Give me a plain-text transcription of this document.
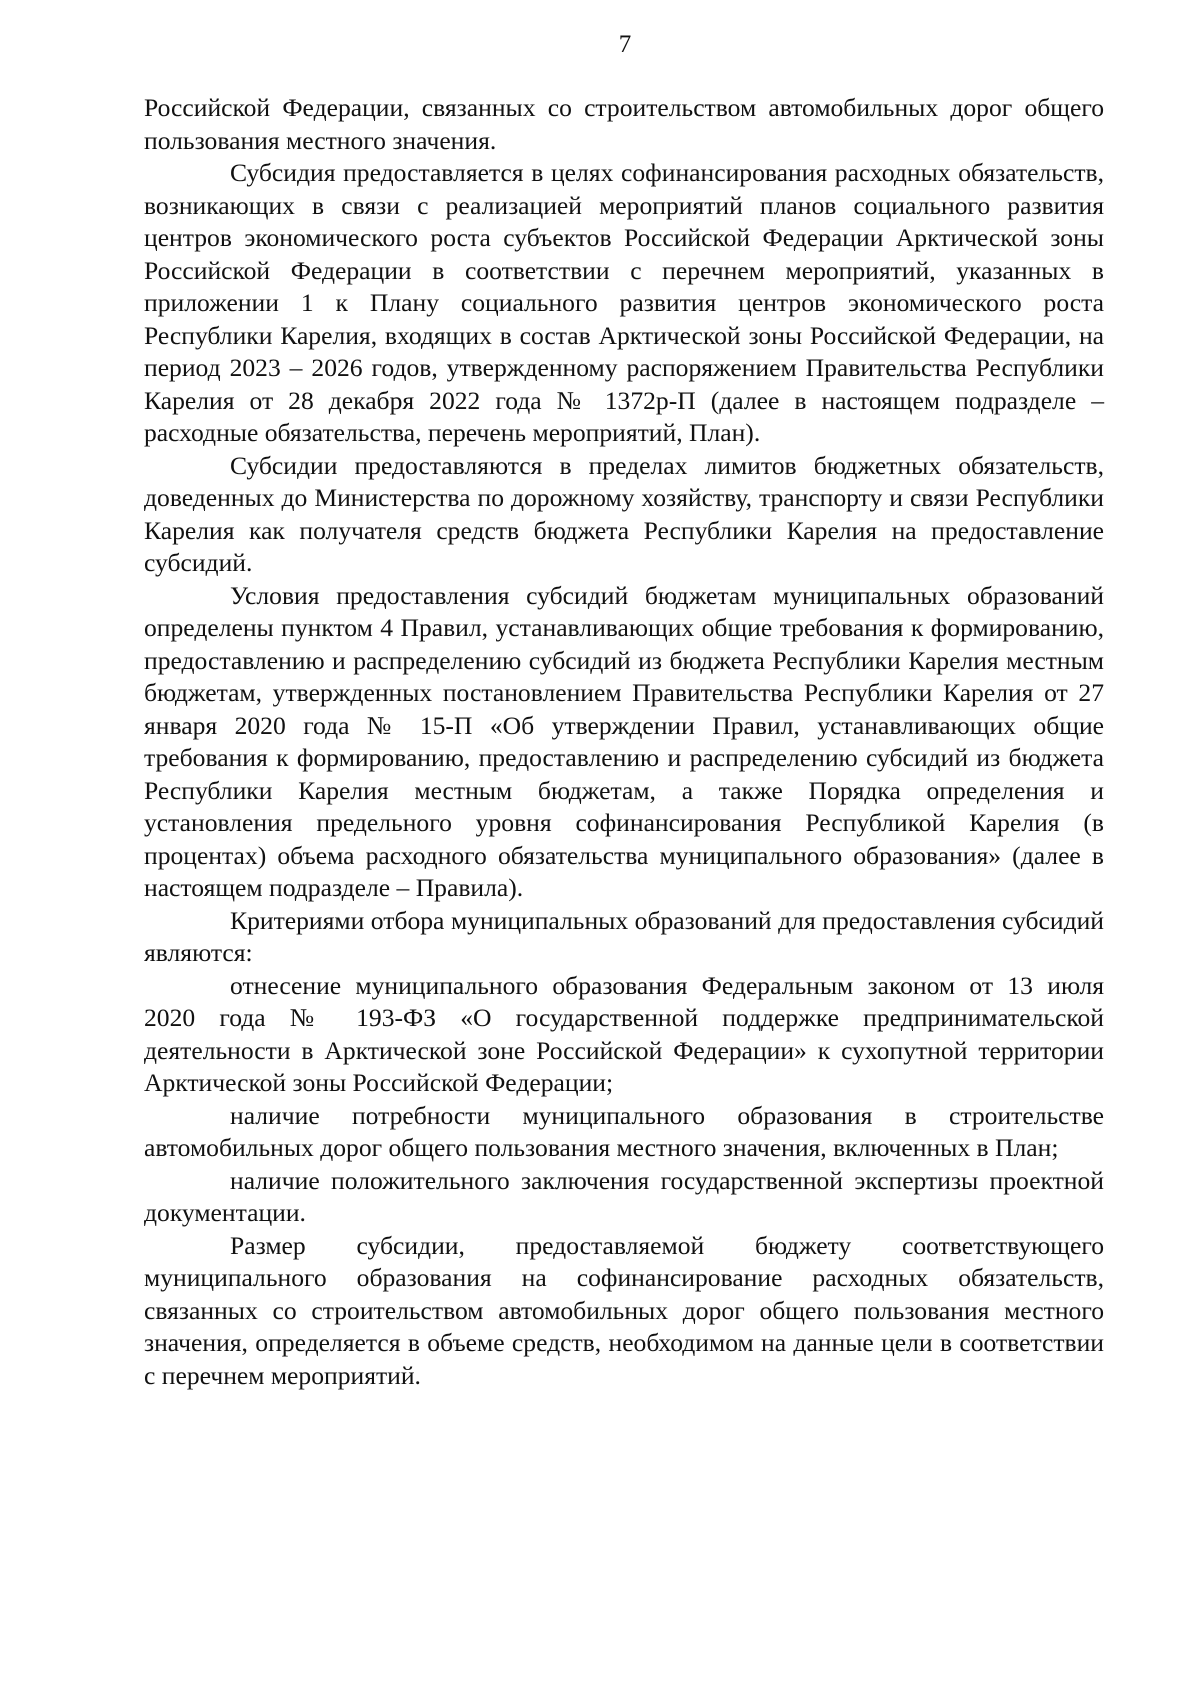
7

Российской Федерации, связанных со строительством автомобильных дорог общего пользования местного значения.

Субсидия предоставляется в целях софинансирования расходных обязательств, возникающих в связи с реализацией мероприятий планов социального развития центров экономического роста субъектов Российской Федерации Арктической зоны Российской Федерации в соответствии с перечнем мероприятий, указанных в приложении 1 к Плану социального развития центров экономического роста Республики Карелия, входящих в состав Арктической зоны Российской Федерации, на период 2023 – 2026 годов, утвержденному распоряжением Правительства Республики Карелия от 28 декабря 2022 года № 1372р-П (далее в настоящем подразделе – расходные обязательства, перечень мероприятий, План).

Субсидии предоставляются в пределах лимитов бюджетных обязательств, доведенных до Министерства по дорожному хозяйству, транспорту и связи Республики Карелия как получателя средств бюджета Республики Карелия на предоставление субсидий.

Условия предоставления субсидий бюджетам муниципальных образований определены пунктом 4 Правил, устанавливающих общие требования к формированию, предоставлению и распределению субсидий из бюджета Республики Карелия местным бюджетам, утвержденных постановлением Правительства Республики Карелия от 27 января 2020 года № 15-П «Об утверждении Правил, устанавливающих общие требования к формированию, предоставлению и распределению субсидий из бюджета Республики Карелия местным бюджетам, а также Порядка определения и установления предельного уровня софинансирования Республикой Карелия (в процентах) объема расходного обязательства муниципального образования» (далее в настоящем подразделе – Правила).

Критериями отбора муниципальных образований для предоставления субсидий являются:

отнесение муниципального образования Федеральным законом от 13 июля 2020 года № 193-ФЗ «О государственной поддержке предпринимательской деятельности в Арктической зоне Российской Федерации» к сухопутной территории Арктической зоны Российской Федерации;

наличие потребности муниципального образования в строительстве автомобильных дорог общего пользования местного значения, включенных в План;

наличие положительного заключения государственной экспертизы проектной документации.

Размер субсидии, предоставляемой бюджету соответствующего муниципального образования на софинансирование расходных обязательств, связанных со строительством автомобильных дорог общего пользования местного значения, определяется в объеме средств, необходимом на данные цели в соответствии с перечнем мероприятий.
